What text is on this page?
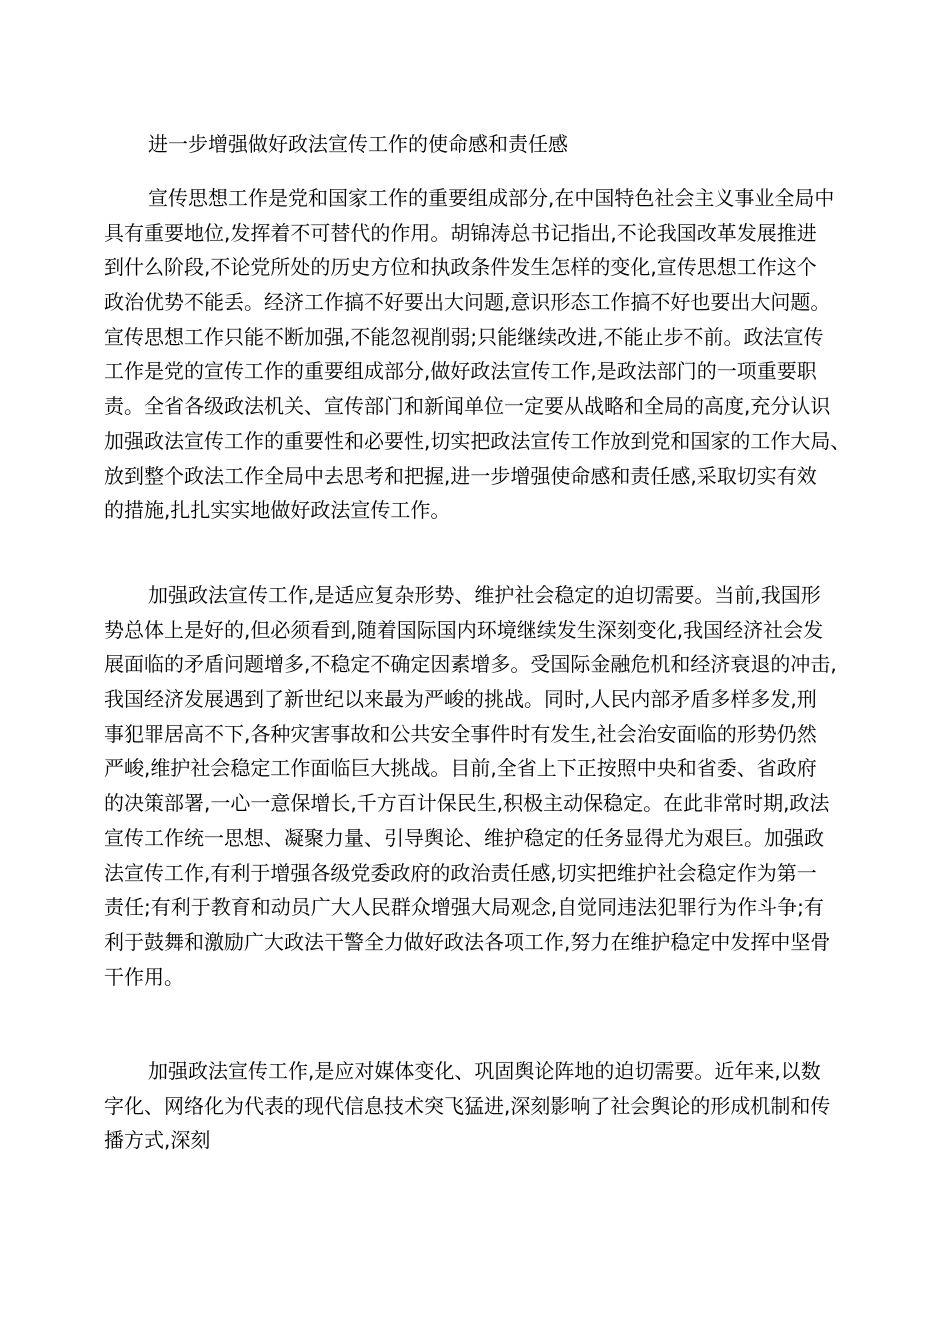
进一步增强做好政法宣传工作的使命感和责任感
宣传思想工作是党和国家工作的重要组成部分,在中国特色社会主义事业全局中
具有重要地位,发挥着不可替代的作用。胡锦涛总书记指出,不论我国改革发展推进
到什么阶段,不论党所处的历史方位和执政条件发生怎样的变化,宣传思想工作这个
政治优势不能丢。经济工作搞不好要出大问题,意识形态工作搞不好也要出大问题。
宣传思想工作只能不断加强,不能忽视削弱;只能继续改进,不能止步不前。政法宣传
工作是党的宣传工作的重要组成部分,做好政法宣传工作,是政法部门的一项重要职
责。全省各级政法机关、宣传部门和新闻单位一定要从战略和全局的高度,充分认识
加强政法宣传工作的重要性和必要性,切实把政法宣传工作放到党和国家的工作大局、
放到整个政法工作全局中去思考和把握,进一步增强使命感和责任感,采取切实有效
的措施,扎扎实实地做好政法宣传工作。
加强政法宣传工作,是适应复杂形势、维护社会稳定的迫切需要。当前,我国形
势总体上是好的,但必须看到,随着国际国内环境继续发生深刻变化,我国经济社会发
展面临的矛盾问题增多,不稳定不确定因素增多。受国际金融危机和经济衰退的冲击,
我国经济发展遇到了新世纪以来最为严峻的挑战。同时,人民内部矛盾多样多发,刑
事犯罪居高不下,各种灾害事故和公共安全事件时有发生,社会治安面临的形势仍然
严峻,维护社会稳定工作面临巨大挑战。目前,全省上下正按照中央和省委、省政府
的决策部署,一心一意保增长,千方百计保民生,积极主动保稳定。在此非常时期,政法
宣传工作统一思想、凝聚力量、引导舆论、维护稳定的任务显得尤为艰巨。加强政
法宣传工作,有利于增强各级党委政府的政治责任感,切实把维护社会稳定作为第一
责任;有利于教育和动员广大人民群众增强大局观念,自觉同违法犯罪行为作斗争;有
利于鼓舞和激励广大政法干警全力做好政法各项工作,努力在维护稳定中发挥中坚骨
干作用。
加强政法宣传工作,是应对媒体变化、巩固舆论阵地的迫切需要。近年来,以数
字化、网络化为代表的现代信息技术突飞猛进,深刻影响了社会舆论的形成机制和传
播方式,深刻
